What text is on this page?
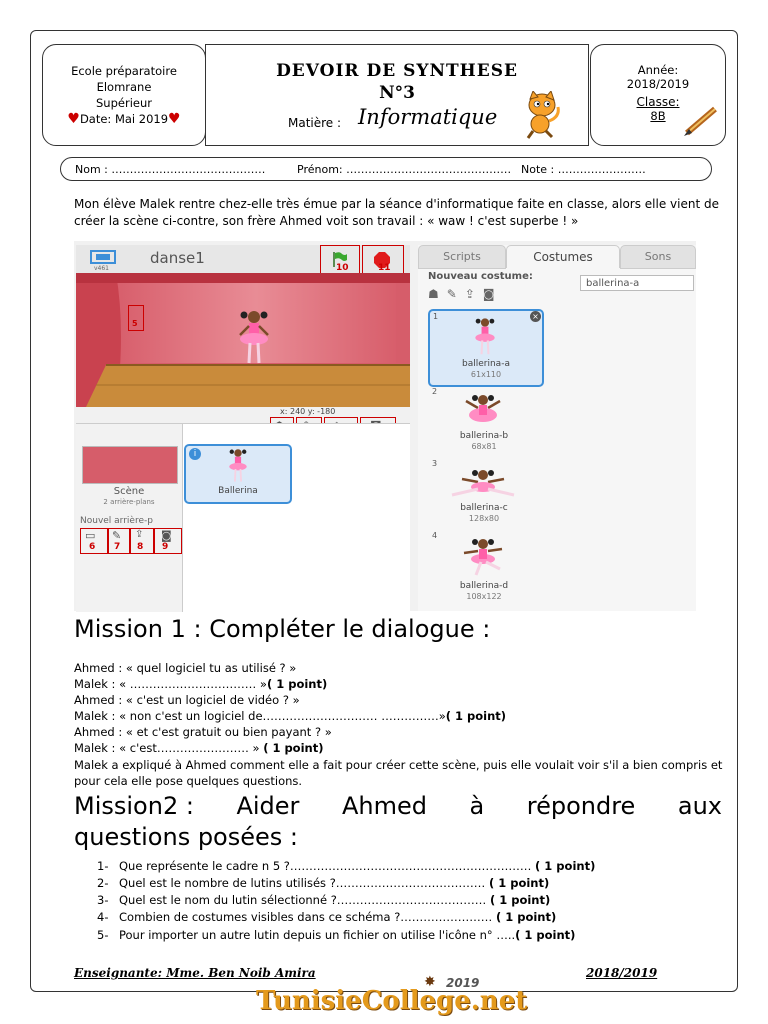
Ecole préparatoire
Elomrane
Supérieur
♥Date: Mai 2019♥
DEVOIR DE SYNTHESE
N°3
Matière : Informatique
Année:
2018/2019
Classe:
8B
Nom : ……………………………………	Prénom: ……………………………………… Note : ……………………
Mon élève Malek rentre chez-elle très émue par la séance d'informatique faite en classe, alors elle vient de créer la scène ci-contre, son frère Ahmed voit son travail : « waw ! c'est superbe ! »
v461
danse1
10	11
5
x: 240 y: -180
Scène
2 arrière-plans
Nouvel arrière-p
i
Ballerina
▭ ✎ ⇪ ◙
6 7 8 9
Scripts	Costumes	Sons
Nouveau costume:
ballerina-a
☗✎⇪◙
1	×
ballerina-a
61x110
2
ballerina-b
68x81
3
ballerina-c
128x80
4
ballerina-d
108x122
Mission 1 : Compléter le dialogue :
Ahmed : « quel logiciel tu as utilisé ? »
Malek : « …………………………… »( 1 point)
Ahmed : « c'est un logiciel de vidéo ? »
Malek : « non c'est un logiciel de………………………… ……………»( 1 point)
Ahmed : « et c'est gratuit ou bien payant ? »
Malek : « c'est…………………… » ( 1 point)
Malek a expliqué à Ahmed comment elle a fait pour créer cette scène, puis elle voulait voir s'il a bien compris et pour cela elle pose quelques questions.
Mission2 : Aider Ahmed à répondre aux
questions posées :
1- Que représente le cadre n 5 ?……………………………………………………… ( 1 point)
2- Quel est le nombre de lutins utilisés ?………………………………… ( 1 point)
3- Quel est le nom du lutin sélectionné ?………………………………… ( 1 point)
4- Combien de costumes visibles dans ce schéma ?…………………… ( 1 point)
5- Pour importer un autre lutin depuis un fichier on utilise l'icône n° …..( 1 point)
Enseignante: Mme. Ben Noib Amira	2018/2019
2019
✸
TunisieCollege.net
